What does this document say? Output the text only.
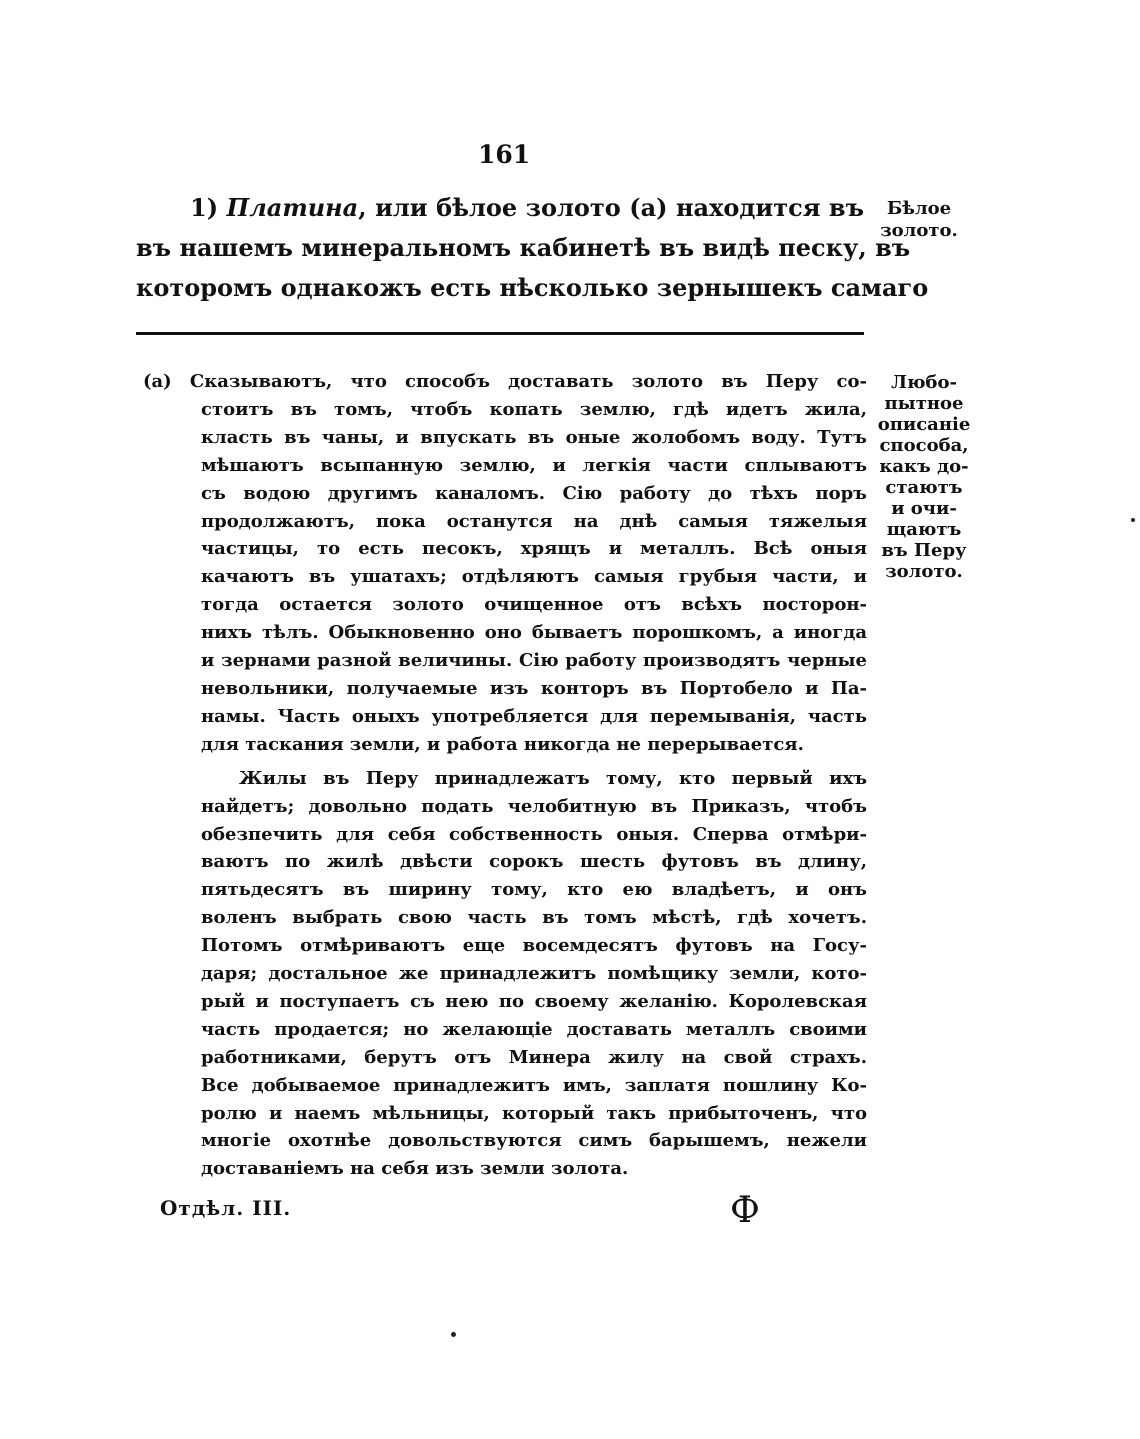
161
1) Платина, или бѣлое золото (a) находится въ
въ нашемъ минеральномъ кабинетѣ въ видѣ песку, въ
которомъ однакожъ есть нѣсколько зернышекъ самаго
Бѣлое
золото.
Любо-
пытное
описанiе
способа,
какъ до-
стаютъ
и очи-
щаютъ
въ Перу
золото.
(a) Сказываютъ, что способъ доставать золото въ Перу со-
стоитъ въ томъ, чтобъ копать землю, гдѣ идетъ жила,
класть въ чаны, и впускать въ оные жолобомъ воду. Тутъ
мѣшаютъ всыпанную землю, и легкiя части сплываютъ
съ водою другимъ каналомъ. Сiю работу до тѣхъ поръ
продолжаютъ, пока останутся на днѣ самыя тяжелыя
частицы, то есть песокъ, хрящъ и металлъ. Всѣ оныя
качаютъ въ ушатахъ; отдѣляютъ самыя грубыя части, и
тогда остается золото очищенное отъ всѣхъ посторон-
нихъ тѣлъ. Обыкновенно оно бываетъ порошкомъ, а иногда
и зернами разной величины. Сiю работу производятъ черные
невольники, получаемые изъ конторъ въ Портобело и Па-
намы. Часть оныхъ употребляется для перемыванiя, часть
для таскания земли, и работа никогда не перерывается.
Жилы въ Перу принадлежатъ тому, кто первый ихъ
найдетъ; довольно подать челобитную въ Приказъ, чтобъ
обезпечить для себя собственность оныя. Сперва отмѣри-
ваютъ по жилѣ двѣсти сорокъ шесть футовъ въ длину,
пятьдесятъ въ ширину тому, кто ею владѣетъ, и онъ
воленъ выбрать свою часть въ томъ мѣстѣ, гдѣ хочетъ.
Потомъ отмѣриваютъ еще восемдесятъ футовъ на Госу-
даря; достальное же принадлежитъ помѣщику земли, кото-
рый и поступаетъ съ нею по своему желанiю. Королевская
часть продается; но желающiе доставать металлъ своими
работниками, берутъ отъ Минера жилу на свой страхъ.
Все добываемое принадлежитъ имъ, заплатя пошлину Ко-
ролю и наемъ мѣльницы, который такъ прибыточенъ, что
многiе охотнѣе довольствуются симъ барышемъ, нежели
доставанiемъ на себя изъ земли золота.
Отдѣл. III.	Ф
